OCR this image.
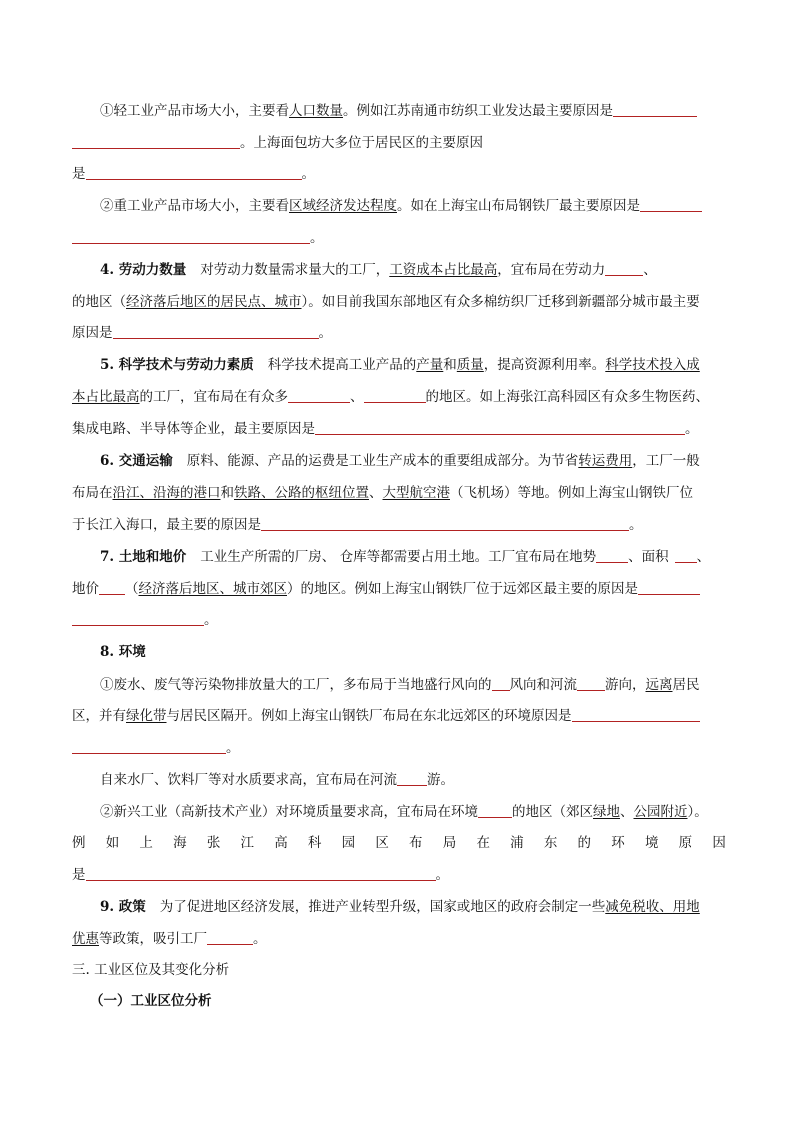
①轻工业产品市场大小，主要看人口数量。例如江苏南通市纺织工业发达最主要原因是
。上海面包坊大多位于居民区的主要原因
是	。
②重工业产品市场大小，主要看区域经济发达程度。如在上海宝山布局钢铁厂最主要原因是
。
4. 劳动力数量 对劳动力数量需求量大的工厂，工资成本占比最高，宜布局在劳动力	、
的地区（经济落后地区的居民点、城市）。如目前我国东部地区有众多棉纺织厂迁移到新疆部分城市最主要
原因是	。
5. 科学技术与劳动力素质 科学技术提高工业产品的产量和质量，提高资源利用率。科学技术投入成
本占比最高的工厂，宜布局在有众多	、	的地区。如上海张江高科园区有众多生物医药、
集成电路、半导体等企业，最主要原因是	。
6. 交通运输 原料、能源、产品的运费是工业生产成本的重要组成部分。为节省转运费用，工厂一般
布局在沿江、沿海的港口和铁路、公路的枢纽位置、大型航空港（飞机场）等地。例如上海宝山钢铁厂位
于长江入海口，最主要的原因是	。
7. 土地和地价 工业生产所需的厂房、 仓库等都需要占用土地。工厂宜布局在地势 、面积 、
地价 （经济落后地区、城市郊区）的地区。例如上海宝山钢铁厂位于远郊区最主要的原因是
。
8. 环境
①废水、废气等污染物排放量大的工厂，多布局于当地盛行风向的 风向和河流 游向，远离居民
区，并有绿化带与居民区隔开。例如上海宝山钢铁厂布局在东北远郊区的环境原因是
。
自来水厂、饮料厂等对水质要求高，宜布局在河流 游。
②新兴工业（高新技术产业）对环境质量要求高，宜布局在环境	的地区（郊区绿地、公园附近）。
例 如 上 海 张 江 高 科 园 区 布 局 在 浦 东 的 环 境 原 因
是	。
9. 政策 为了促进地区经济发展，推进产业转型升级，国家或地区的政府会制定一些减免税收、用地
优惠等政策，吸引工厂	。
三. 工业区位及其变化分析
（一）工业区位分析
